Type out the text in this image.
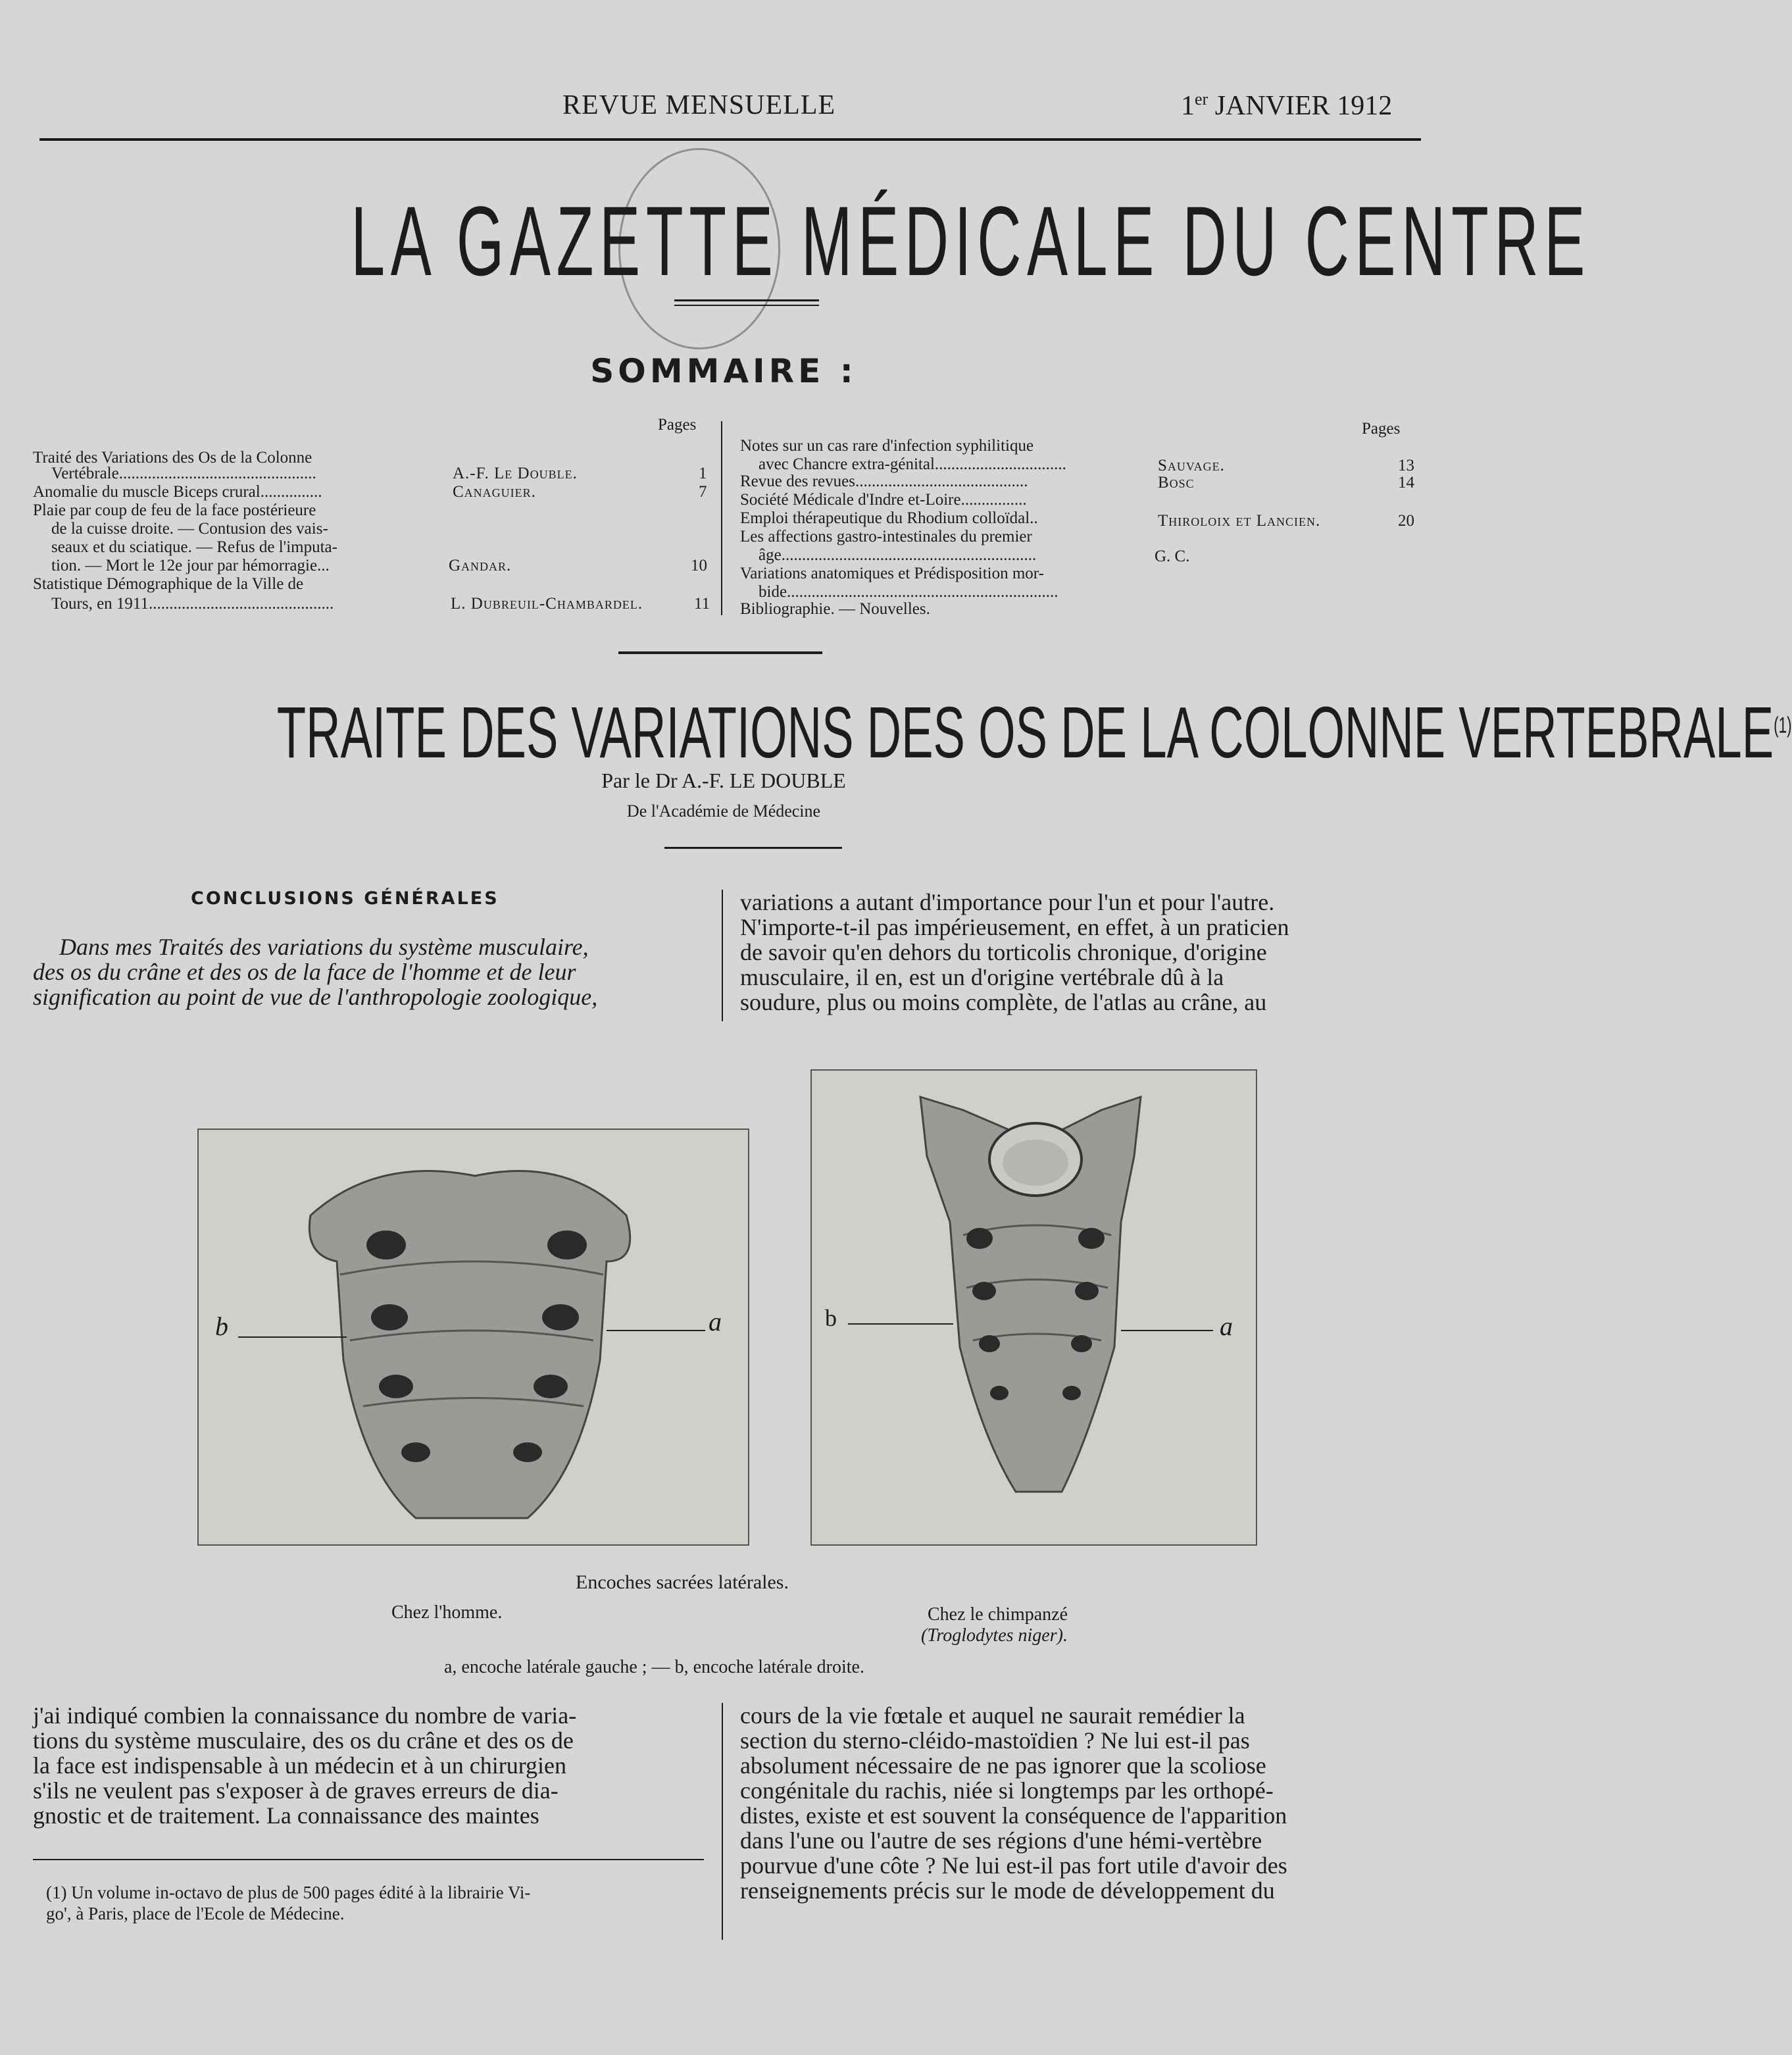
REVUE MENSUELLE	1er JANVIER 1912
LA GAZETTE MÉDICALE DU CENTRE
SOMMAIRE :
Pages	Pages
Traité des Variations des Os de la Colonne
Vertébrale................................................	A.-F. Le Double.	1
Anomalie du muscle Biceps crural...............	Canaguier.	7
Plaie par coup de feu de la face postérieure
de la cuisse droite. — Contusion des vais-
seaux et du sciatique. — Refus de l'imputa-
tion. — Mort le 12e jour par hémorragie...	Gandar.	10
Statistique Démographique de la Ville de
Tours, en 1911.............................................	L. Dubreuil-Chambardel.	11
Notes sur un cas rare d'infection syphilitique
avec Chancre extra-génital................................	Sauvage.	13
Revue des revues..........................................	Bosc	14
Société Médicale d'Indre et-Loire................
Emploi thérapeutique du Rhodium colloïdal..	Thiroloix et Lancien.	20
Les affections gastro-intestinales du premier
âge..............................................................	G. C.
Variations anatomiques et Prédisposition mor-
bide..................................................................
Bibliographie. — Nouvelles.
TRAITE DES VARIATIONS DES OS DE LA COLONNE VERTEBRALE$^{(1)}$
Par le Dr A.-F. LE DOUBLE
De l'Académie de Médecine
CONCLUSIONS GÉNÉRALES
Dans mes Traités des variations du système musculaire,
des os du crâne et des os de la face de l'homme et de leur
signification au point de vue de l'anthropologie zoologique,
variations a autant d'importance pour l'un et pour l'autre.
N'importe-t-il pas impérieusement, en effet, à un praticien
de savoir qu'en dehors du torticolis chronique, d'origine
musculaire, il en, est un d'origine vertébrale dû à la
soudure, plus ou moins complète, de l'atlas au crâne, au
b	a	b	a
Encoches sacrées latérales.
Chez l'homme.	Chez le chimpanzé
(Troglodytes niger).
a, encoche latérale gauche ; — b, encoche latérale droite.
j'ai indiqué combien la connaissance du nombre de varia-
tions du système musculaire, des os du crâne et des os de
la face est indispensable à un médecin et à un chirurgien
s'ils ne veulent pas s'exposer à de graves erreurs de dia-
gnostic et de traitement. La connaissance des maintes
cours de la vie fœtale et auquel ne saurait remédier la
section du sterno-cléido-mastoïdien ? Ne lui est-il pas
absolument nécessaire de ne pas ignorer que la scoliose
congénitale du rachis, niée si longtemps par les orthopé-
distes, existe et est souvent la conséquence de l'apparition
dans l'une ou l'autre de ses régions d'une hémi-vertèbre
pourvue d'une côte ? Ne lui est-il pas fort utile d'avoir des
renseignements précis sur le mode de développement du
(1) Un volume in-octavo de plus de 500 pages édité à la librairie Vi-
go', à Paris, place de l'Ecole de Médecine.
